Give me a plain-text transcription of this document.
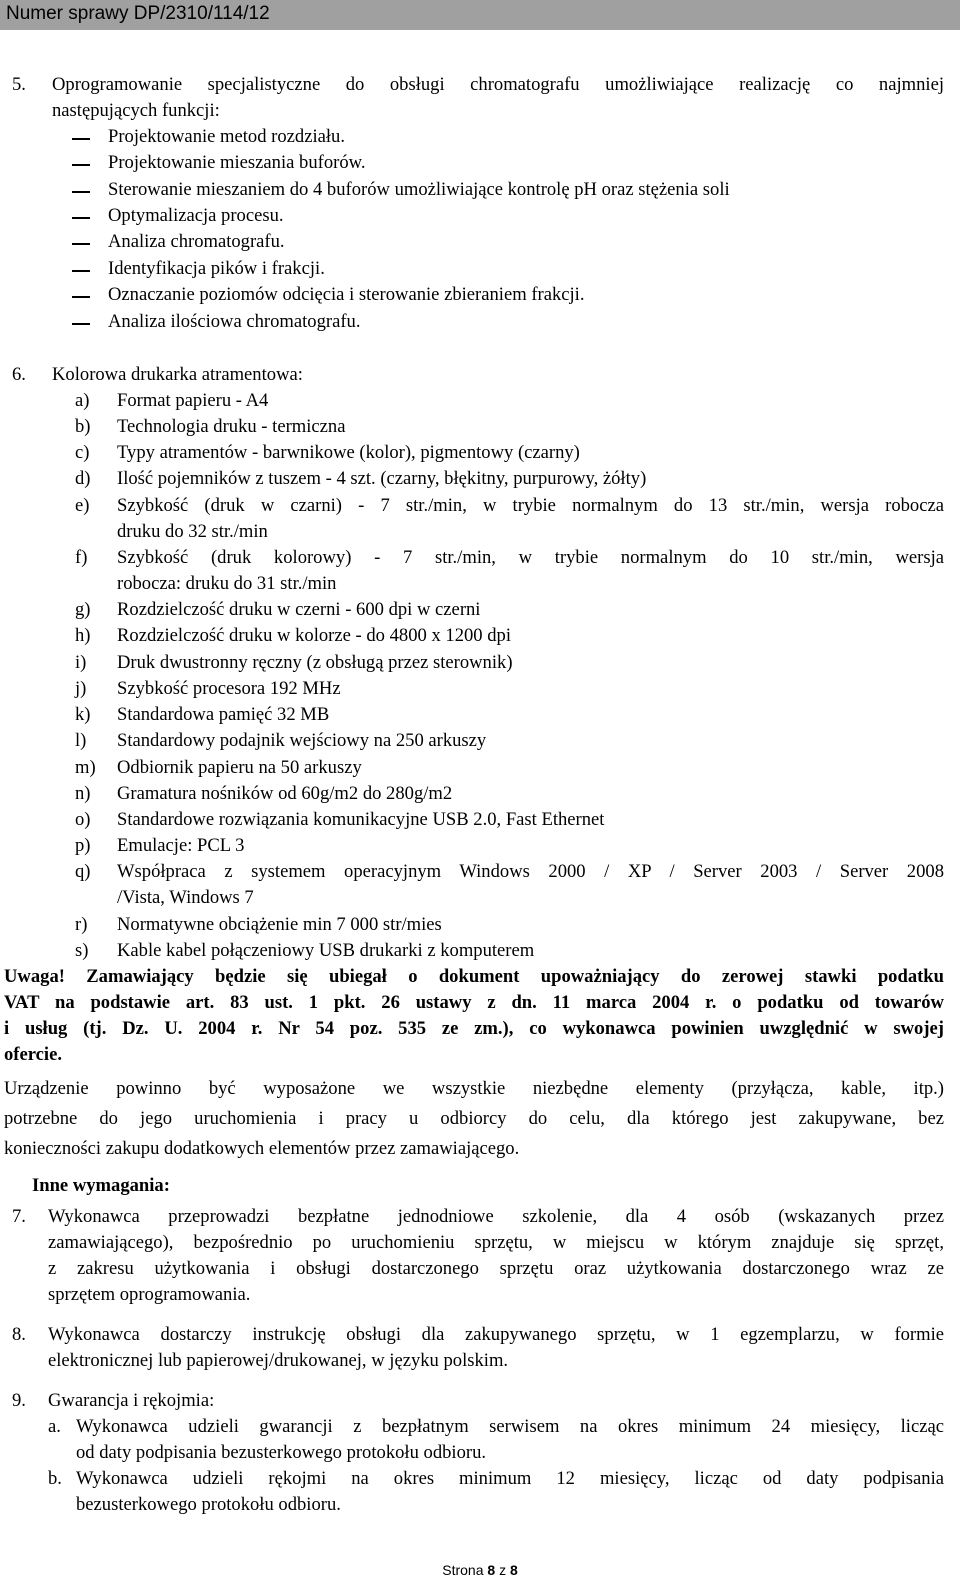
Numer sprawy DP/2310/114/12
5. Oprogramowanie specjalistyczne do obsługi chromatografu umożliwiające realizację co najmniej
następujących funkcji:
Projektowanie metod rozdziału.
Projektowanie mieszania buforów.
Sterowanie mieszaniem do 4 buforów umożliwiające kontrolę pH oraz stężenia soli
Optymalizacja procesu.
Analiza chromatografu.
Identyfikacja pików i frakcji.
Oznaczanie poziomów odcięcia i sterowanie zbieraniem frakcji.
Analiza ilościowa chromatografu.
6. Kolorowa drukarka atramentowa:
a) Format papieru - A4
b) Technologia druku - termiczna
c) Typy atramentów - barwnikowe (kolor), pigmentowy (czarny)
d) Ilość pojemników z tuszem - 4 szt. (czarny, błękitny, purpurowy, żółty)
e) Szybkość (druk w czarni) - 7 str./min, w trybie normalnym do 13 str./min, wersja robocza
druku do 32 str./min
f) Szybkość (druk kolorowy) - 7 str./min, w trybie normalnym do 10 str./min, wersja
robocza: druku do 31 str./min
g) Rozdzielczość druku w czerni - 600 dpi w czerni
h) Rozdzielczość druku w kolorze - do 4800 x 1200 dpi
i) Druk dwustronny ręczny (z obsługą przez sterownik)
j) Szybkość procesora 192 MHz
k) Standardowa pamięć 32 MB
l) Standardowy podajnik wejściowy na 250 arkuszy
m) Odbiornik papieru na 50 arkuszy
n) Gramatura nośników od 60g/m2 do 280g/m2
o) Standardowe rozwiązania komunikacyjne USB 2.0, Fast Ethernet
p) Emulacje: PCL 3
q) Współpraca z systemem operacyjnym Windows 2000 / XP / Server 2003 / Server 2008
/Vista, Windows 7
r) Normatywne obciążenie min 7 000 str/mies
s) Kable kabel połączeniowy USB drukarki z komputerem
Uwaga! Zamawiający będzie się ubiegał o dokument upoważniający do zerowej stawki podatku
VAT na podstawie art. 83 ust. 1 pkt. 26 ustawy z dn. 11 marca 2004 r. o podatku od towarów
i usług (tj. Dz. U. 2004 r. Nr 54 poz. 535 ze zm.), co wykonawca powinien uwzględnić w swojej
ofercie.
Urządzenie powinno być wyposażone we wszystkie niezbędne elementy (przyłącza, kable, itp.)
potrzebne do jego uruchomienia i pracy u odbiorcy do celu, dla którego jest zakupywane, bez
konieczności zakupu dodatkowych elementów przez zamawiającego.
Inne wymagania:
7. Wykonawca przeprowadzi bezpłatne jednodniowe szkolenie, dla 4 osób (wskazanych przez
zamawiającego), bezpośrednio po uruchomieniu sprzętu, w miejscu w którym znajduje się sprzęt,
z zakresu użytkowania i obsługi dostarczonego sprzętu oraz użytkowania dostarczonego wraz ze
sprzętem oprogramowania.
8. Wykonawca dostarczy instrukcję obsługi dla zakupywanego sprzętu, w 1 egzemplarzu, w formie
elektronicznej lub papierowej/drukowanej, w języku polskim.
9. Gwarancja i rękojmia:
a. Wykonawca udzieli gwarancji z bezpłatnym serwisem na okres minimum 24 miesięcy, licząc
od daty podpisania bezusterkowego protokołu odbioru.
b. Wykonawca udzieli rękojmi na okres minimum 12 miesięcy, licząc od daty podpisania
bezusterkowego protokołu odbioru.
Strona 8 z 8
